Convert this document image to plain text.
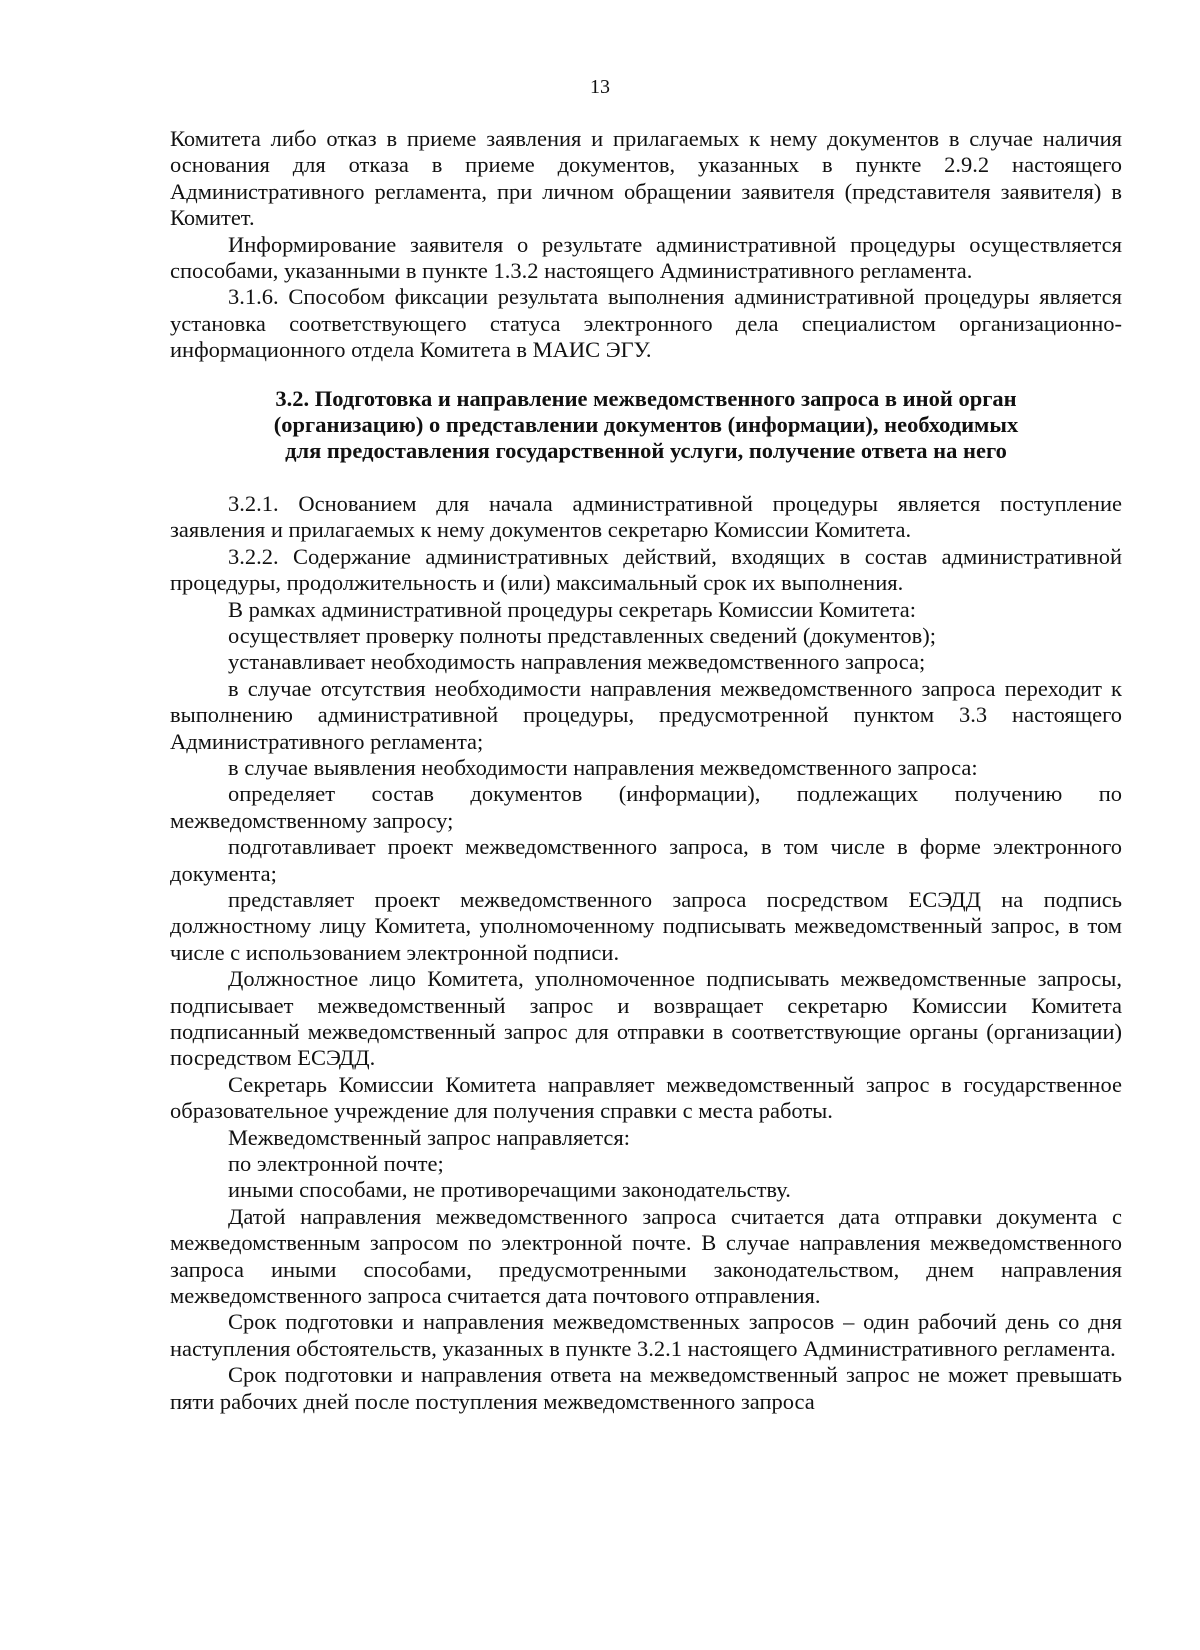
13

Комитета либо отказ в приеме заявления и прилагаемых к нему документов в случае наличия основания для отказа в приеме документов, указанных в пункте 2.9.2 настоящего Административного регламента, при личном обращении заявителя (представителя заявителя) в Комитет.

Информирование заявителя о результате административной процедуры осуществляется способами, указанными в пункте 1.3.2 настоящего Административного регламента.

3.1.6. Способом фиксации результата выполнения административной процедуры является установка соответствующего статуса электронного дела специалистом организационно-информационного отдела Комитета в МАИС ЭГУ.

3.2. Подготовка и направление межведомственного запроса в иной орган
(организацию) о представлении документов (информации), необходимых
для предоставления государственной услуги, получение ответа на него

3.2.1. Основанием для начала административной процедуры является поступление заявления и прилагаемых к нему документов секретарю Комиссии Комитета.

3.2.2. Содержание административных действий, входящих в состав административной процедуры, продолжительность и (или) максимальный срок их выполнения.

В рамках административной процедуры секретарь Комиссии Комитета:

осуществляет проверку полноты представленных сведений (документов);

устанавливает необходимость направления межведомственного запроса;

в случае отсутствия необходимости направления межведомственного запроса переходит к выполнению административной процедуры, предусмотренной пунктом 3.3 настоящего Административного регламента;

в случае выявления необходимости направления межведомственного запроса:

определяет состав документов (информации), подлежащих получению по межведомственному запросу;

подготавливает проект межведомственного запроса, в том числе в форме электронного документа;

представляет проект межведомственного запроса посредством ЕСЭДД на подпись должностному лицу Комитета, уполномоченному подписывать межведомственный запрос, в том числе с использованием электронной подписи.

Должностное лицо Комитета, уполномоченное подписывать межведомственные запросы, подписывает межведомственный запрос и возвращает секретарю Комиссии Комитета подписанный межведомственный запрос для отправки в соответствующие органы (организации) посредством ЕСЭДД.

Секретарь Комиссии Комитета направляет межведомственный запрос в государственное образовательное учреждение для получения справки с места работы.

Межведомственный запрос направляется:

по электронной почте;

иными способами, не противоречащими законодательству.

Датой направления межведомственного запроса считается дата отправки документа с межведомственным запросом по электронной почте. В случае направления межведомственного запроса иными способами, предусмотренными законодательством, днем направления межведомственного запроса считается дата почтового отправления.

Срок подготовки и направления межведомственных запросов – один рабочий день со дня наступления обстоятельств, указанных в пункте 3.2.1 настоящего Административного регламента.

Срок подготовки и направления ответа на межведомственный запрос не может превышать пяти рабочих дней после поступления межведомственного запроса
